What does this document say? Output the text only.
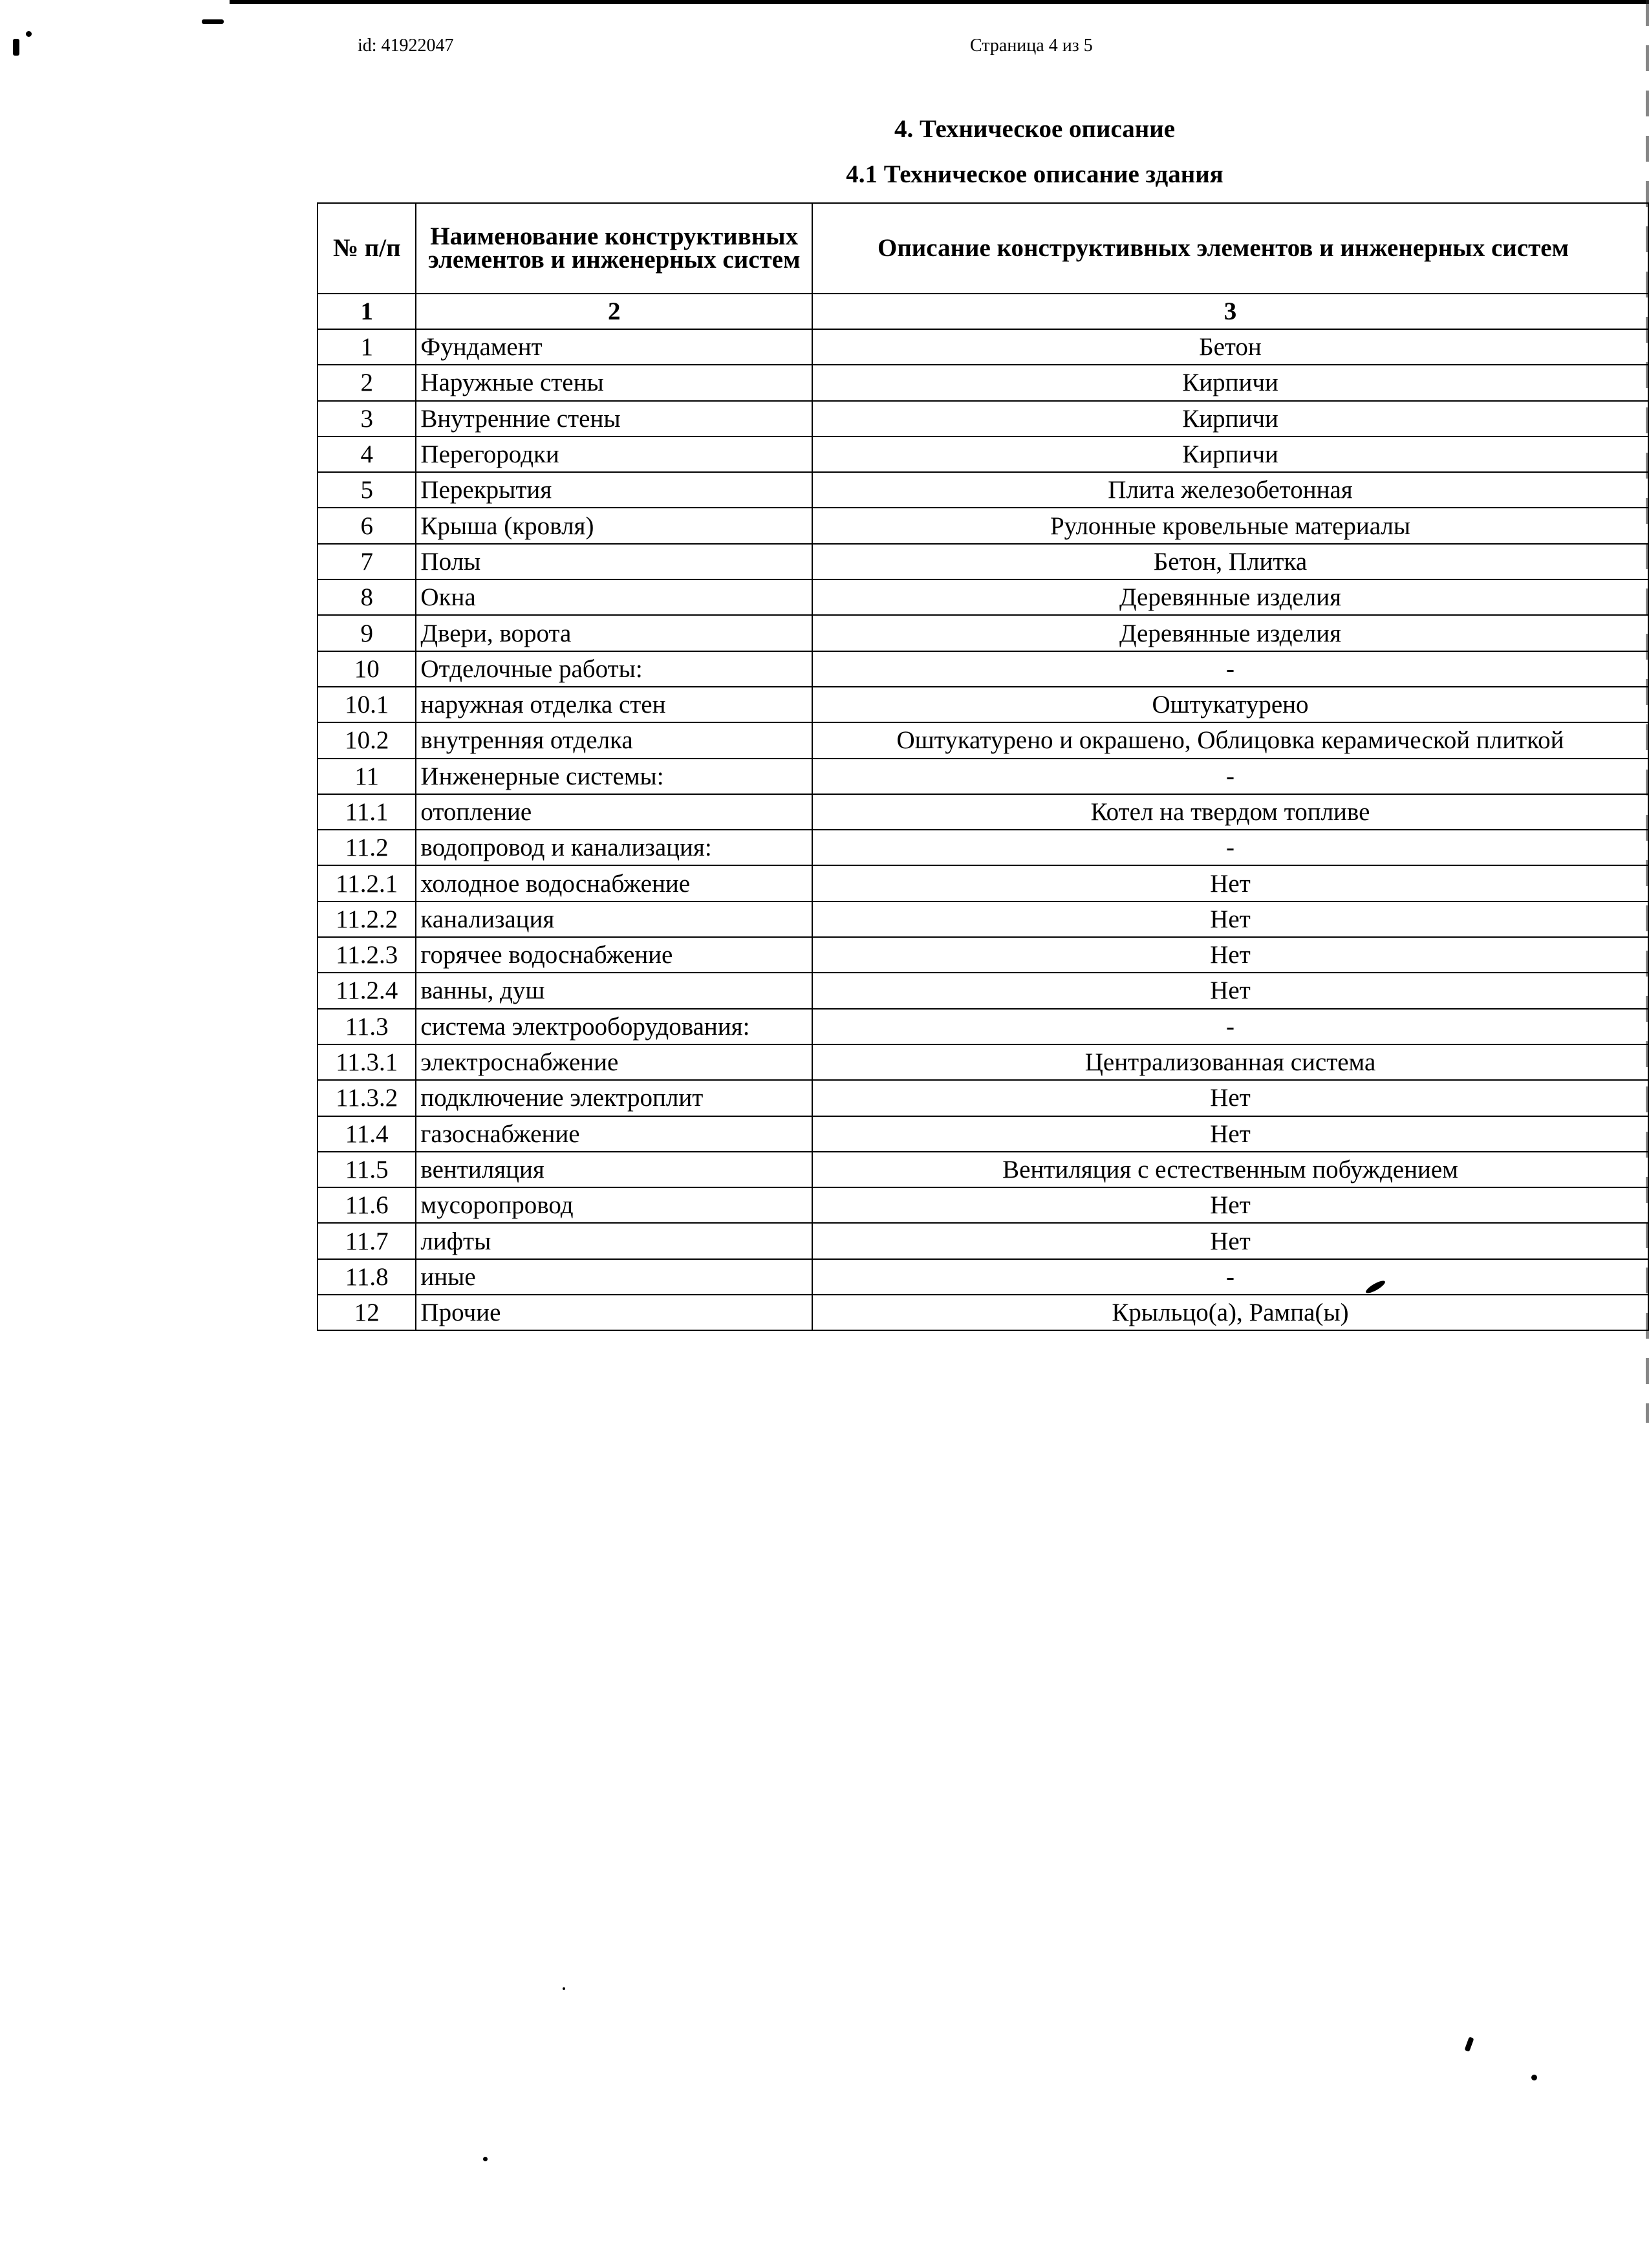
id: 41922047	Страница 4 из 5
4. Техническое описание
4.1 Техническое описание здания
№ п/п	Наименование конструктивных элементов и инженерных систем	Описание конструктивных элементов и инженерных систем
1	2	3
1	Фундамент	Бетон
2	Наружные стены	Кирпичи
3	Внутренние стены	Кирпичи
4	Перегородки	Кирпичи
5	Перекрытия	Плита железобетонная
6	Крыша (кровля)	Рулонные кровельные материалы
7	Полы	Бетон, Плитка
8	Окна	Деревянные изделия
9	Двери, ворота	Деревянные изделия
10	Отделочные работы:	-
10.1	наружная отделка стен	Оштукатурено
10.2	внутренняя отделка	Оштукатурено и окрашено, Облицовка керамической плиткой
11	Инженерные системы:	-
11.1	отопление	Котел на твердом топливе
11.2	водопровод и канализация:	-
11.2.1	холодное водоснабжение	Нет
11.2.2	канализация	Нет
11.2.3	горячее водоснабжение	Нет
11.2.4	ванны, душ	Нет
11.3	система электрооборудования:	-
11.3.1	электроснабжение	Централизованная система
11.3.2	подключение электроплит	Нет
11.4	газоснабжение	Нет
11.5	вентиляция	Вентиляция с естественным побуждением
11.6	мусоропровод	Нет
11.7	лифты	Нет
11.8	иные	-
12	Прочие	Крыльцо(а), Рампа(ы)
